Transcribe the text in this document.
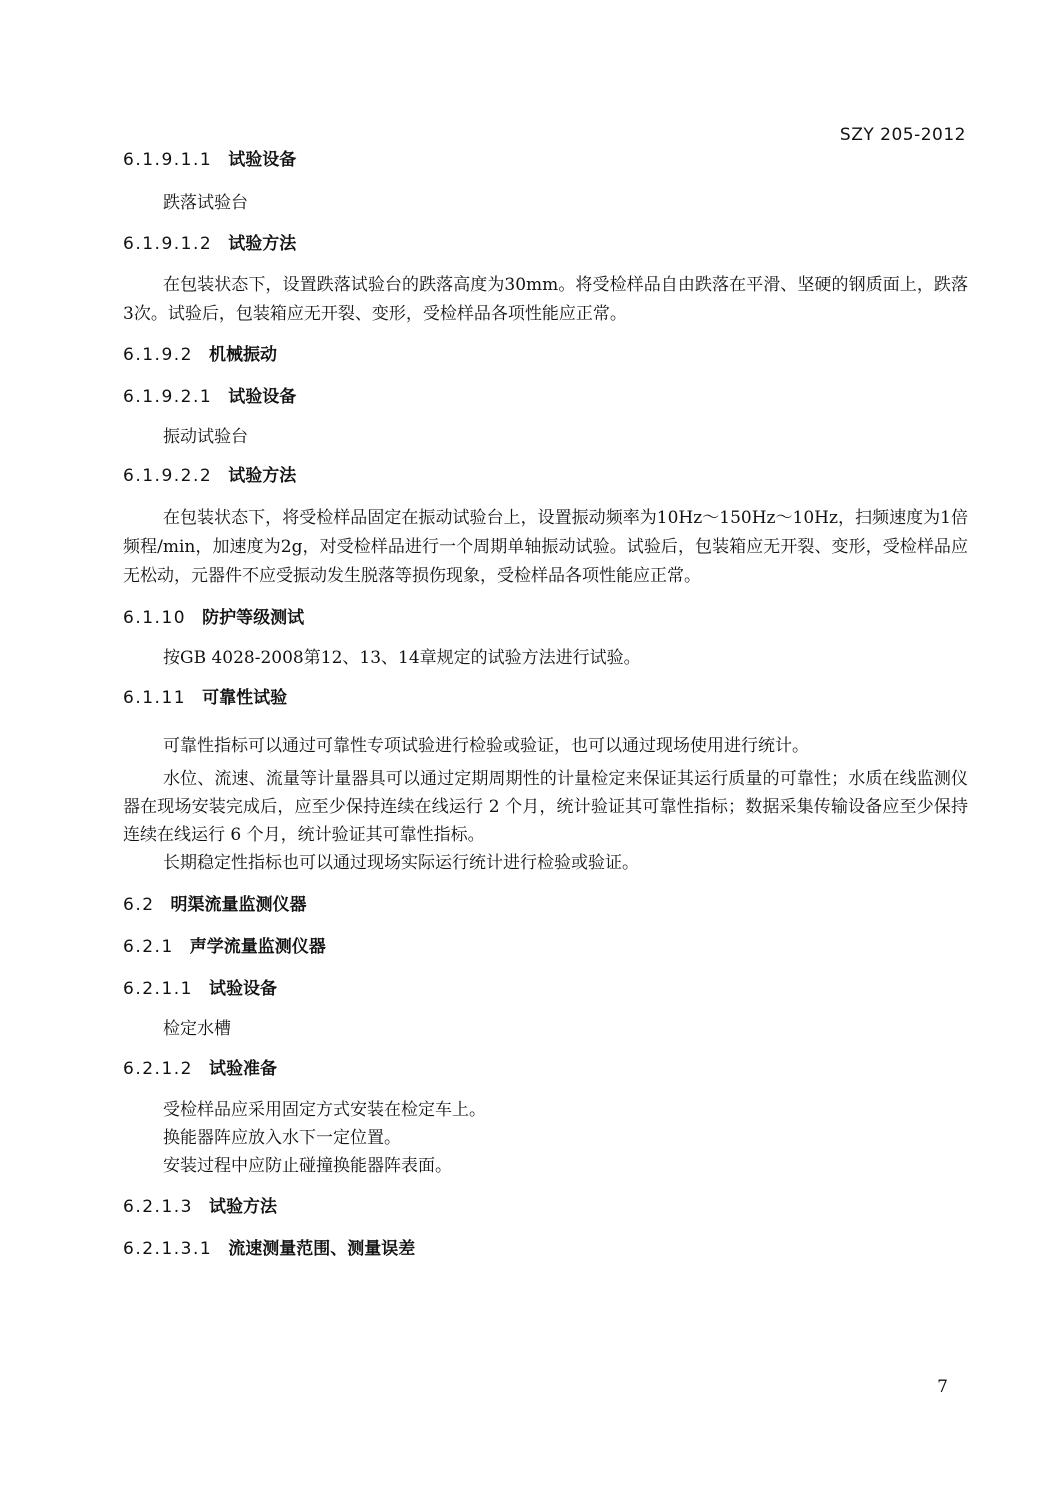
SZY 205-2012
6.1.9.1.1 试验设备

跌落试验台

6.1.9.1.2 试验方法

在包装状态下，设置跌落试验台的跌落高度为30mm。将受检样品自由跌落在平滑、坚硬的钢质面上，跌落3次。试验后，包装箱应无开裂、变形，受检样品各项性能应正常。

6.1.9.2 机械振动
6.1.9.2.1 试验设备

振动试验台

6.1.9.2.2 试验方法

在包装状态下，将受检样品固定在振动试验台上，设置振动频率为10Hz～150Hz～10Hz，扫频速度为1倍频程/min，加速度为2g，对受检样品进行一个周期单轴振动试验。试验后，包装箱应无开裂、变形，受检样品应无松动，元器件不应受振动发生脱落等损伤现象，受检样品各项性能应正常。

6.1.10 防护等级测试

按GB 4028-2008第12、13、14章规定的试验方法进行试验。

6.1.11 可靠性试验

可靠性指标可以通过可靠性专项试验进行检验或验证，也可以通过现场使用进行统计。

水位、流速、流量等计量器具可以通过定期周期性的计量检定来保证其运行质量的可靠性；水质在线监测仪器在现场安装完成后，应至少保持连续在线运行 2 个月，统计验证其可靠性指标；数据采集传输设备应至少保持连续在线运行 6 个月，统计验证其可靠性指标。

长期稳定性指标也可以通过现场实际运行统计进行检验或验证。

6.2 明渠流量监测仪器
6.2.1 声学流量监测仪器
6.2.1.1 试验设备

检定水槽

6.2.1.2 试验准备

受检样品应采用固定方式安装在检定车上。

换能器阵应放入水下一定位置。

安装过程中应防止碰撞换能器阵表面。

6.2.1.3 试验方法
6.2.1.3.1 流速测量范围、测量误差
7
